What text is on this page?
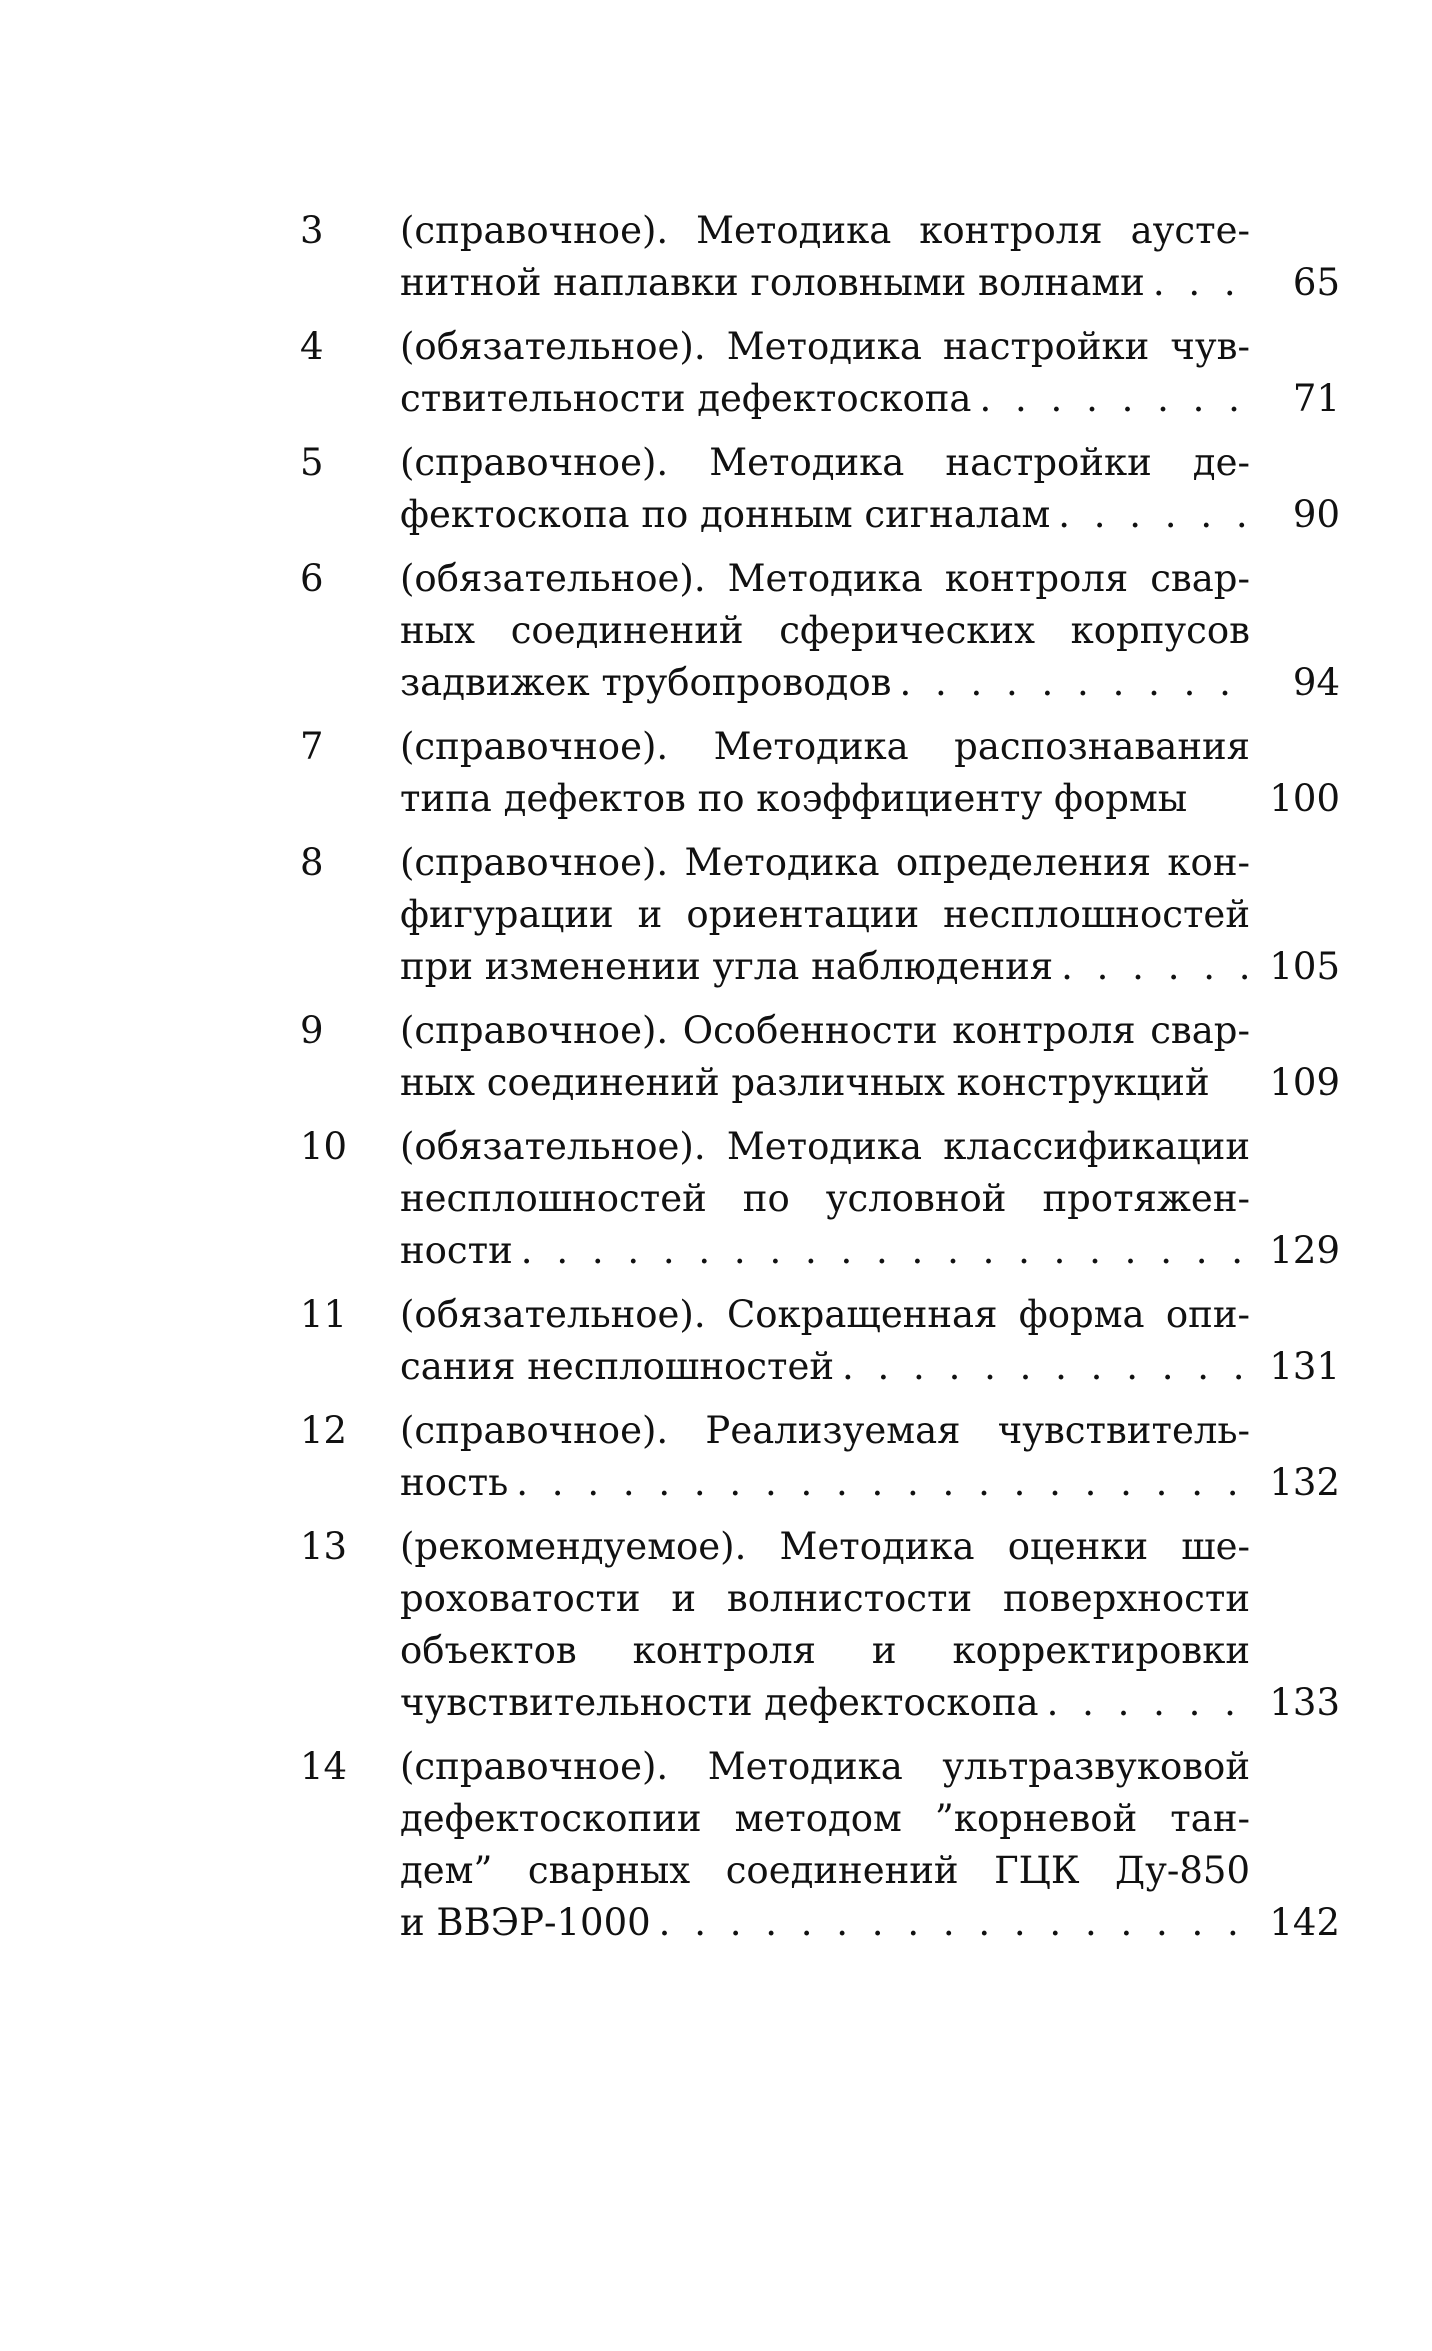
3	(справочное). Методика контроля аусте-
нитной наплавки головными волнами . . .	65
4	(обязательное). Методика настройки чув-
ствительности дефектоскопа . . .	71
5	(справочное). Методика настройки де-
фектоскопа по донным сигналам . . .	90
6	(обязательное). Методика контроля свар-
ных соединений сферических корпусов
задвижек трубопроводов . . .	94
7	(справочное). Методика распознавания
типа дефектов по коэффициенту формы	100
8	(справочное). Методика определения кон-
фигурации и ориентации несплошностей
при изменении угла наблюдения . . .	105
9	(справочное). Особенности контроля свар-
ных соединений различных конструкций	109
10	(обязательное). Методика классификации
несплошностей по условной протяжен-
ности . . .	129
11	(обязательное). Сокращенная форма опи-
сания несплошностей . . .	131
12	(справочное). Реализуемая чувствитель-
ность . . .	132
13	(рекомендуемое). Методика оценки ше-
роховатости и волнистости поверхности
объектов контроля и корректировки
чувствительности дефектоскопа . . .	133
14	(справочное). Методика ультразвуковой
дефектоскопии методом ”корневой тан-
дем” сварных соединений ГЦК Ду-850
и ВВЭР-1000 . . .	142
